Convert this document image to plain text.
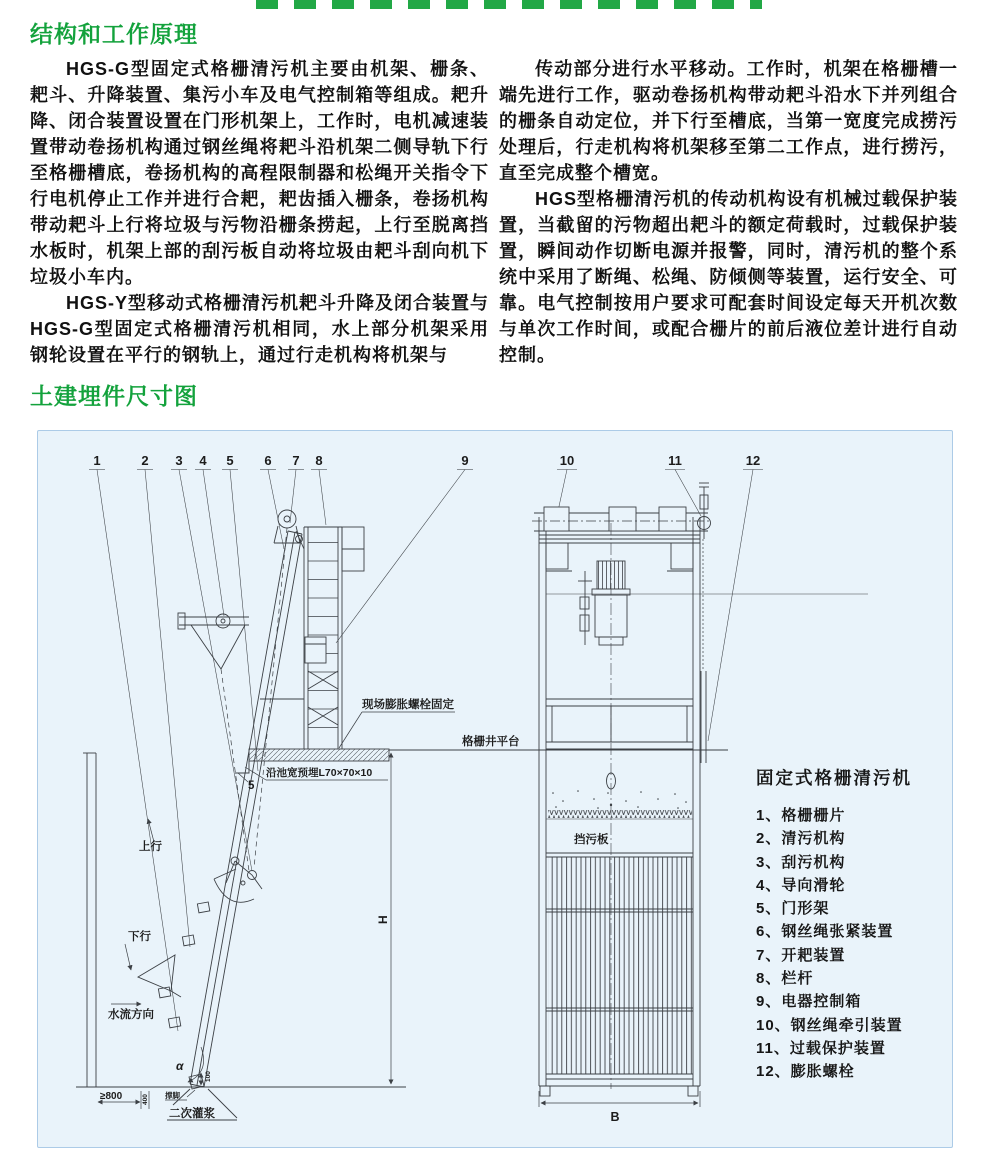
结构和工作原理

HGS-G型固定式格栅清污机主要由机架、栅条、耙斗、升降装置、集污小车及电气控制箱等组成。耙升降、闭合装置设置在门形机架上，工作时，电机减速装置带动卷扬机构通过钢丝绳将耙斗沿机架二侧导轨下行至格栅槽底，卷扬机构的高程限制器和松绳开关指令下行电机停止工作并进行合耙，耙齿插入栅条，卷扬机构带动耙斗上行将垃圾与污物沿栅条捞起，上行至脱离挡水板时，机架上部的刮污板自动将垃圾由耙斗刮向机下垃圾小车内。

HGS-Y型移动式格栅清污机耙斗升降及闭合装置与HGS-G型固定式格栅清污机相同，水上部分机架采用钢轮设置在平行的钢轨上，通过行走机构将机架与

传动部分进行水平移动。工作时，机架在格栅槽一端先进行工作，驱动卷扬机构带动耙斗沿水下并列组合的栅条自动定位，并下行至槽底，当第一宽度完成捞污处理后，行走机构将机架移至第二工作点，进行捞污，直至完成整个槽宽。

HGS型格栅清污机的传动机构设有机械过载保护装置，当截留的污物超出耙斗的额定荷载时，过载保护装置，瞬间动作切断电源并报警，同时，清污机的整个系统中采用了断绳、松绳、防倾侧等装置，运行安全、可靠。电气控制按用户要求可配套时间设定每天开机次数与单次工作时间，或配合栅片的前后液位差计进行自动控制。

土建埋件尺寸图
1	2 3 4 5 6 7 8	9	10	11	12
现场膨胀螺栓固定
格栅井平台
沿池宽预埋L70×70×10
5
挡污板
上行
下行
水流方向
二次灌浆
撑脚
≥800	400
100
H
B
α

固定式格栅清污机

1、格栅栅片
2、清污机构
3、刮污机构
4、导向滑轮
5、门形架
6、钢丝绳张紧装置
7、开耙装置
8、栏杆
9、电器控制箱
10、钢丝绳牵引装置
11、过载保护装置
12、膨胀螺栓
